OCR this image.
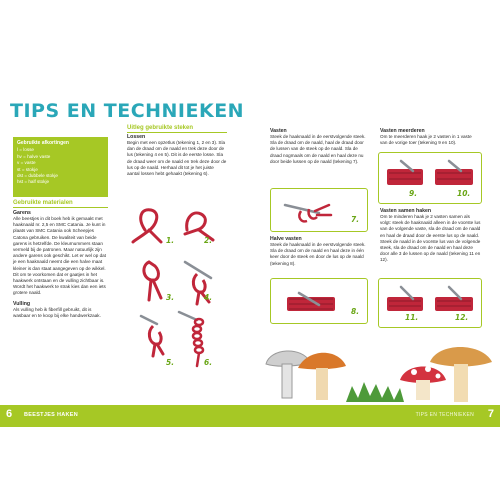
TIPS EN TECHNIEKEN
Gebruikte afkortingen
l = losse
hv = halve vaste
v = vaste
st = stokje
dst = dubbele stokje
hst = half stokje
Gebruikte materialen
Garens
Alle beestjes in dit boek heb ik gemaakt met haaknaald nr. 2,5 en SMC Catania. Je kunt in plaats van SMC Catania ook Scheepjes Catona gebruiken. De kwaliteit van beide garens is hetzelfde. De kleurnummers staan vermeld bij de patronen. Maar natuurlijk zijn andere garens ook geschikt. Let er wel op dat je een haaknaald neemt die een halve maat kleiner is dan staat aangegeven op de wikkel. Dit om te voorkomen dat er gaatjes in het haakwerk ontstaan en de vulling zichtbaar is. Wordt het haakwerk te strak kies dan een iets grotere naald.
Vulling
Als vulling heb ik fiberfill gebruikt, dit is wasbaar en te koop bij elke handwerkzaak.
Uitleg gebruikte steken
Lossen
Begin met een opzetlus (tekening 1, 2 en 3). Sla dan de draad om de naald en trek deze door de lus (tekening 4 en 5). Dit is de eerste losse. Sla de draad weer om de naald en trek deze door de lus op de naald. Herhaal dit tot je het juiste aantal lossen hebt gehaakt (tekening 6).
1.	2.
3.	4.
5.	6.
Vasten
Steek de haaknaald in de eerstvolgende steek. Sla de draad om de naald, haal de draad door de lussen van de steek op de naald. Sla de draad nogmaals om de naald en haal deze nu door beide lussen op de naald (tekening 7).
7.
Halve vasten
Steek de haaknaald in de eerstvolgende steek. Sla de draad om de naald en haal deze in één keer door de steek en door de lus op de naald (tekening 8).
8.
Vasten meerderen
Om te meerderen haak je 2 vasten in 1 vaste van de vorige toer (tekening 9 en 10).
9.	10.
Vasten samen haken
Om te minderen haak je 2 vasten samen als volgt: steek de haaknaald alleen in de voorste lus van de volgende vaste, sla de draad om de naald en haal de draad door de eerste lus op de naald. Steek de naald in de voorste lus van de volgende steek, sla de draad om de naald en haal deze door alle 3 de lussen op de naald (tekening 11 en 12).
11.	12.
6 BEESTJES HAKEN	TIPS EN TECHNIEKEN 7
